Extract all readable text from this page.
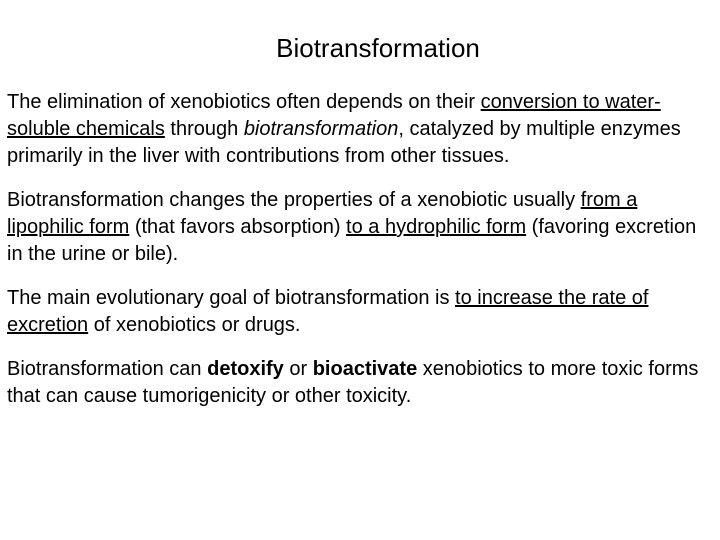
Biotransformation

The elimination of xenobiotics often depends on their conversion to water-soluble chemicals through biotransformation, catalyzed by multiple enzymes primarily in the liver with contributions from other tissues.

Biotransformation changes the properties of a xenobiotic usually from a lipophilic form (that favors absorption) to a hydrophilic form (favoring excretion in the urine or bile).

The main evolutionary goal of biotransformation is to increase the rate of excretion of xenobiotics or drugs.

Biotransformation can detoxify or bioactivate xenobiotics to more toxic forms that can cause tumorigenicity or other toxicity.
